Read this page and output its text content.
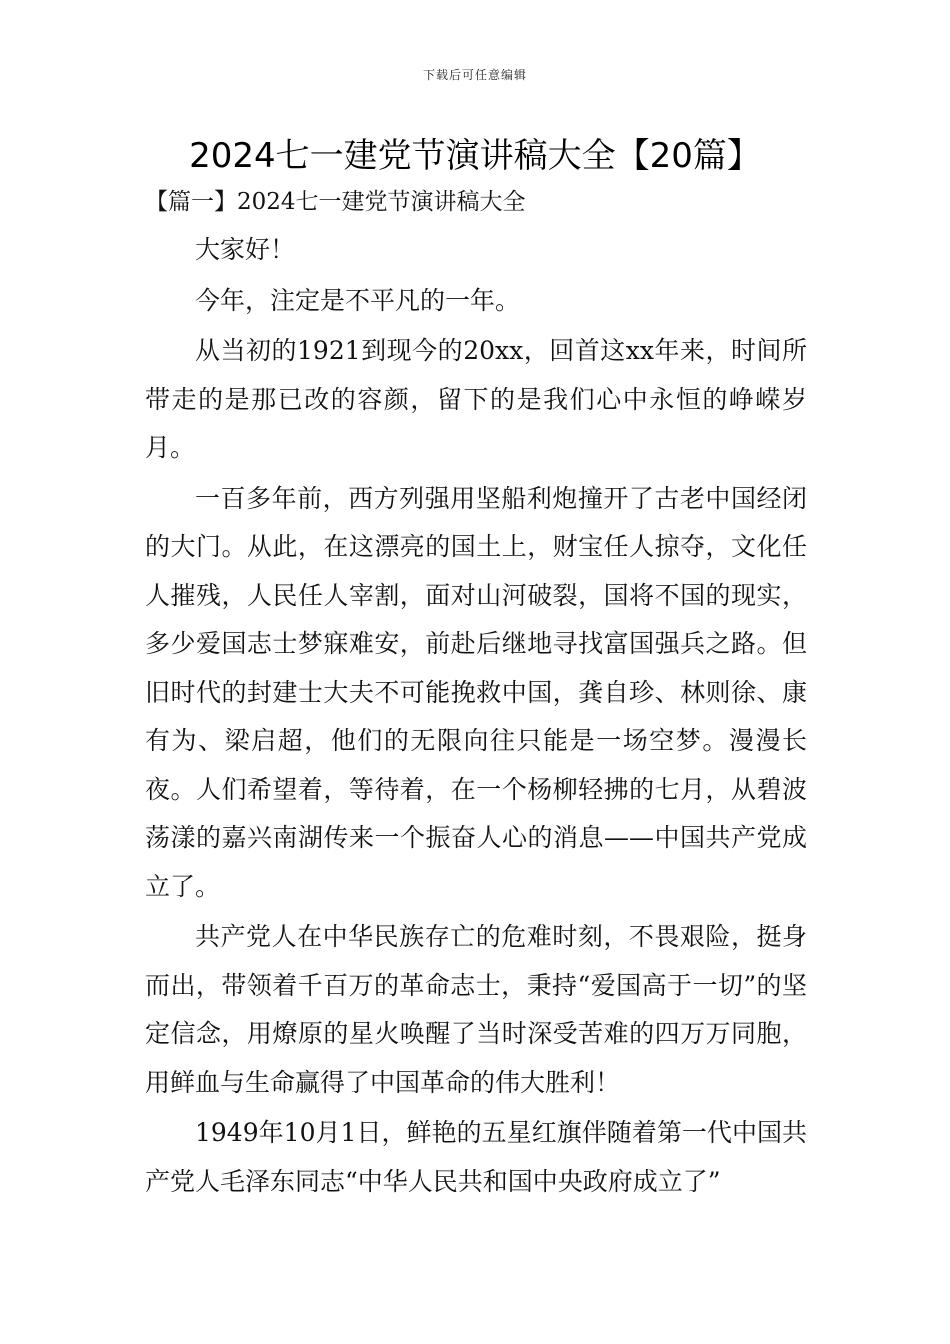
下载后可任意编辑
2024七一建党节演讲稿大全【20篇】
【篇一】2024七一建党节演讲稿大全

大家好！

今年，注定是不平凡的一年。

从当初的1921到现今的20xx，回首这xx年来，时间所带走的是那已改的容颜，留下的是我们心中永恒的峥嵘岁月。

一百多年前，西方列强用坚船利炮撞开了古老中国经闭的大门。从此，在这漂亮的国土上，财宝任人掠夺，文化任人摧残，人民任人宰割，面对山河破裂，国将不国的现实，多少爱国志士梦寐难安，前赴后继地寻找富国强兵之路。但旧时代的封建士大夫不可能挽救中国，龚自珍、林则徐、康有为、梁启超，他们的无限向往只能是一场空梦。漫漫长夜。人们希望着，等待着，在一个杨柳轻拂的七月，从碧波荡漾的嘉兴南湖传来一个振奋人心的消息——中国共产党成立了。

共产党人在中华民族存亡的危难时刻，不畏艰险，挺身而出，带领着千百万的革命志士，秉持“爱国高于一切”的坚定信念，用燎原的星火唤醒了当时深受苦难的四万万同胞，用鲜血与生命赢得了中国革命的伟大胜利！

1949年10月1日，鲜艳的五星红旗伴随着第一代中国共产党人毛泽东同志“中华人民共和国中央政府成立了”
